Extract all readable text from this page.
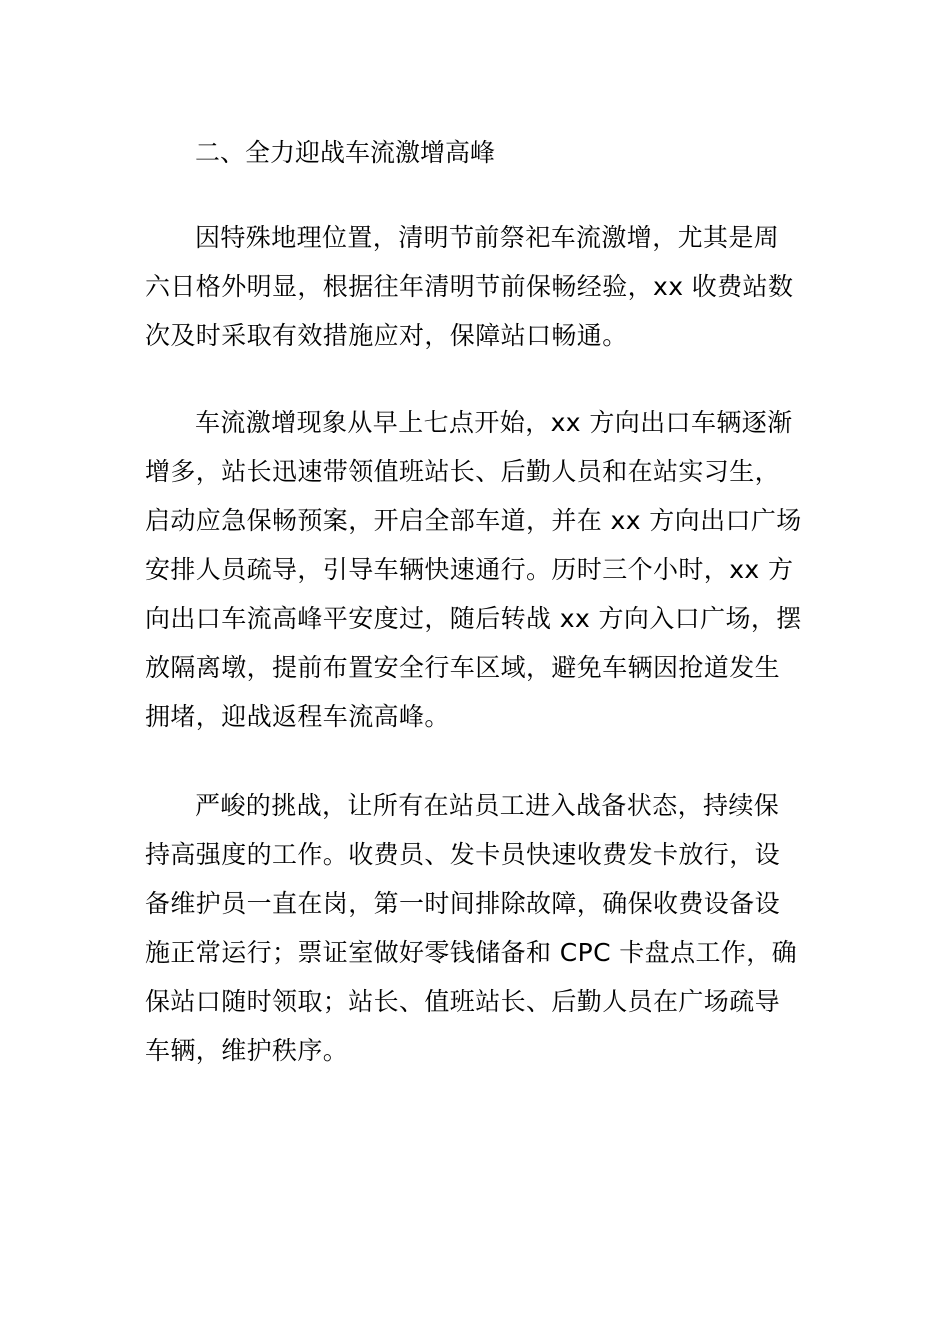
二、全力迎战车流激增高峰
因特殊地理位置，清明节前祭祀车流激增，尤其是周
六日格外明显，根据往年清明节前保畅经验，xx 收费站数
次及时采取有效措施应对，保障站口畅通。
车流激增现象从早上七点开始，xx 方向出口车辆逐渐
增多，站长迅速带领值班站长、后勤人员和在站实习生，
启动应急保畅预案，开启全部车道，并在 xx 方向出口广场
安排人员疏导，引导车辆快速通行。历时三个小时，xx 方
向出口车流高峰平安度过，随后转战 xx 方向入口广场，摆
放隔离墩，提前布置安全行车区域，避免车辆因抢道发生
拥堵，迎战返程车流高峰。
严峻的挑战，让所有在站员工进入战备状态，持续保
持高强度的工作。收费员、发卡员快速收费发卡放行，设
备维护员一直在岗，第一时间排除故障，确保收费设备设
施正常运行；票证室做好零钱储备和 CPC 卡盘点工作，确
保站口随时领取；站长、值班站长、后勤人员在广场疏导
车辆，维护秩序。
